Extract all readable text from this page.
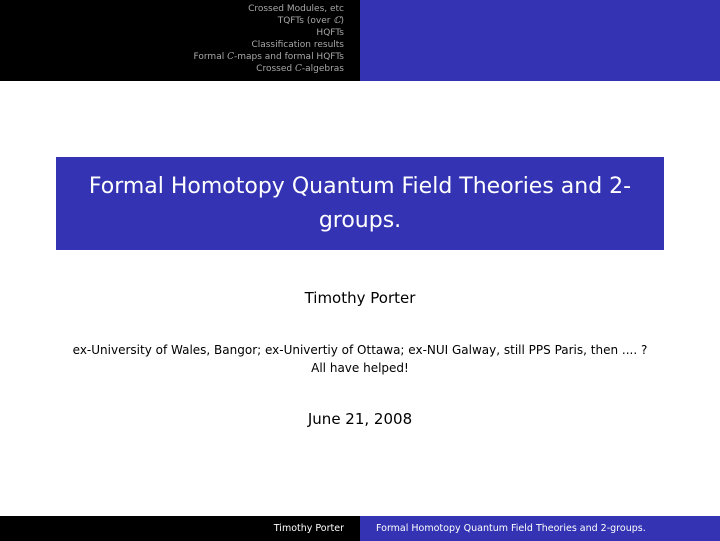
Crossed Modules, etc
TQFTs (over ℂ)
HQFTs
Classification results
Formal C-maps and formal HQFTs
Crossed C-algebras
Formal Homotopy Quantum Field Theories and 2-groups.
Timothy Porter
ex-University of Wales, Bangor; ex-Univertiy of Ottawa; ex-NUI Galway, still PPS Paris, then .... ? All have helped!
June 21, 2008
Timothy Porter	Formal Homotopy Quantum Field Theories and 2-groups.
